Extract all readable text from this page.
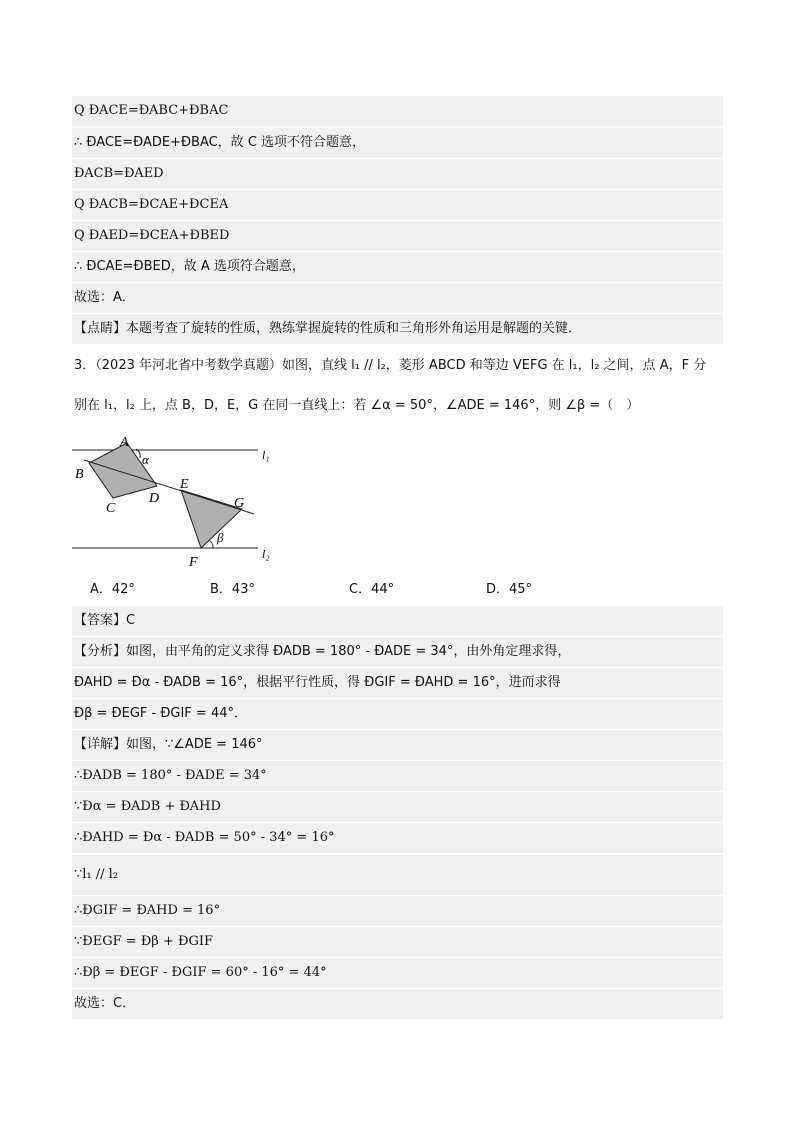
Q ÐACE=ÐABC+ÐBAC
∴ ÐACE=ÐADE+ÐBAC，故 C 选项不符合题意，
ÐACB=ÐAED
Q ÐACB=ÐCAE+ÐCEA
Q ÐAED=ÐCEA+ÐBED
∴ ÐCAE=ÐBED，故 A 选项符合题意，
故选：A．
【点睛】本题考查了旋转的性质，熟练掌握旋转的性质和三角形外角运用是解题的关键．
3．（2023 年河北省中考数学真题）如图，直线 l₁ // l₂，菱形 ABCD 和等边 VEFG 在 l₁，l₂ 之间，点 A，F 分
别在 l₁，l₂ 上，点 B，D，E，G 在同一直线上：若 ∠α = 50°，∠ADE = 146°，则 ∠β =（　）
A
B
C
D
E
F
G
l₁
l₂
α
β
A．42°	B．43°	C．44°	D．45°
【答案】C
【分析】如图，由平角的定义求得 ÐADB = 180° - ÐADE = 34°，由外角定理求得，
ÐAHD = Ðα - ÐADB = 16°，根据平行性质，得 ÐGIF = ÐAHD = 16°，进而求得
Ðβ = ÐEGF - ÐGIF = 44°．
【详解】如图，∵∠ADE = 146°
∴ÐADB = 180° - ÐADE = 34°
∵Ðα = ÐADB + ÐAHD
∴ÐAHD = Ðα - ÐADB = 50° - 34° = 16°
∵l₁ // l₂
∴ÐGIF = ÐAHD = 16°
∵ÐEGF = Ðβ + ÐGIF
∴Ðβ = ÐEGF - ÐGIF = 60° - 16° = 44°
故选：C．
